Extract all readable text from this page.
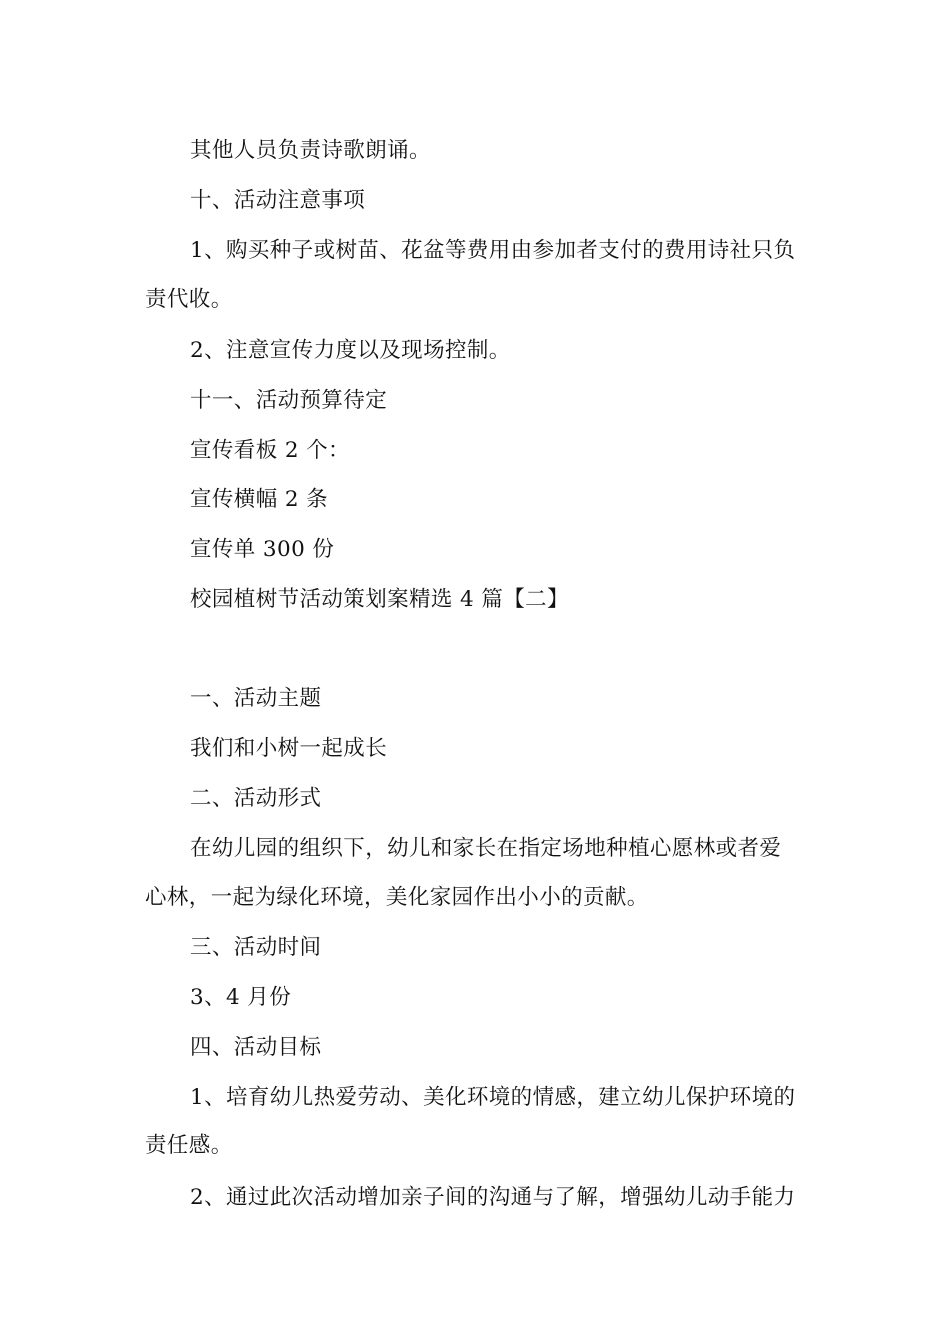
其他人员负责诗歌朗诵。
十、活动注意事项
1、购买种子或树苗、花盆等费用由参加者支付的费用诗社只负
责代收。
2、注意宣传力度以及现场控制。
十一、活动预算待定
宣传看板 2 个：
宣传横幅 2 条
宣传单 300 份
校园植树节活动策划案精选 4 篇【二】
一、活动主题
我们和小树一起成长
二、活动形式
在幼儿园的组织下，幼儿和家长在指定场地种植心愿林或者爱
心林，一起为绿化环境，美化家园作出小小的贡献。
三、活动时间
3、4 月份
四、活动目标
1、培育幼儿热爱劳动、美化环境的情感，建立幼儿保护环境的
责任感。
2、通过此次活动增加亲子间的沟通与了解，增强幼儿动手能力
